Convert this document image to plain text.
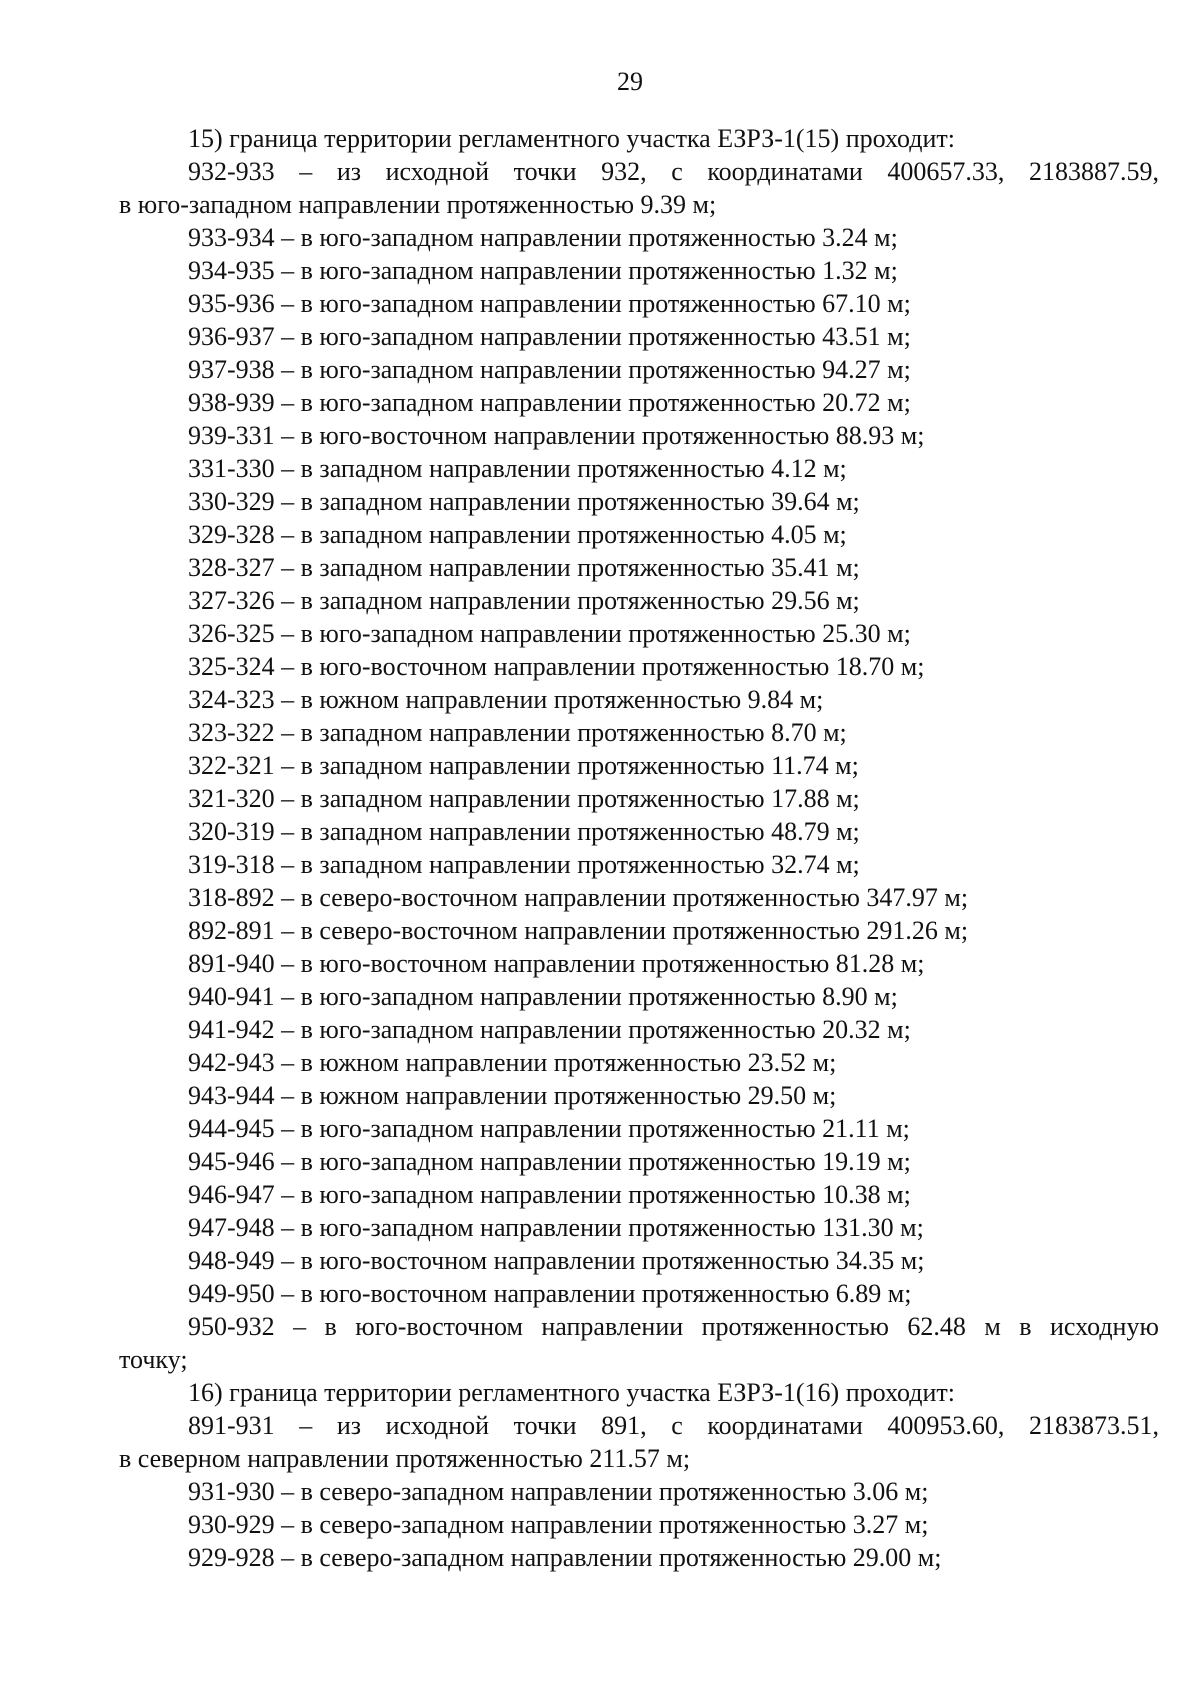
29
15) граница территории регламентного участка ЕЗРЗ-1(15) проходит:
932-933 – из исходной точки 932, с координатами 400657.33, 2183887.59,
в юго-западном направлении протяженностью 9.39 м;
933-934 – в юго-западном направлении протяженностью 3.24 м;
934-935 – в юго-западном направлении протяженностью 1.32 м;
935-936 – в юго-западном направлении протяженностью 67.10 м;
936-937 – в юго-западном направлении протяженностью 43.51 м;
937-938 – в юго-западном направлении протяженностью 94.27 м;
938-939 – в юго-западном направлении протяженностью 20.72 м;
939-331 – в юго-восточном направлении протяженностью 88.93 м;
331-330 – в западном направлении протяженностью 4.12 м;
330-329 – в западном направлении протяженностью 39.64 м;
329-328 – в западном направлении протяженностью 4.05 м;
328-327 – в западном направлении протяженностью 35.41 м;
327-326 – в западном направлении протяженностью 29.56 м;
326-325 – в юго-западном направлении протяженностью 25.30 м;
325-324 – в юго-восточном направлении протяженностью 18.70 м;
324-323 – в южном направлении протяженностью 9.84 м;
323-322 – в западном направлении протяженностью 8.70 м;
322-321 – в западном направлении протяженностью 11.74 м;
321-320 – в западном направлении протяженностью 17.88 м;
320-319 – в западном направлении протяженностью 48.79 м;
319-318 – в западном направлении протяженностью 32.74 м;
318-892 – в северо-восточном направлении протяженностью 347.97 м;
892-891 – в северо-восточном направлении протяженностью 291.26 м;
891-940 – в юго-восточном направлении протяженностью 81.28 м;
940-941 – в юго-западном направлении протяженностью 8.90 м;
941-942 – в юго-западном направлении протяженностью 20.32 м;
942-943 – в южном направлении протяженностью 23.52 м;
943-944 – в южном направлении протяженностью 29.50 м;
944-945 – в юго-западном направлении протяженностью 21.11 м;
945-946 – в юго-западном направлении протяженностью 19.19 м;
946-947 – в юго-западном направлении протяженностью 10.38 м;
947-948 – в юго-западном направлении протяженностью 131.30 м;
948-949 – в юго-восточном направлении протяженностью 34.35 м;
949-950 – в юго-восточном направлении протяженностью 6.89 м;
950-932 – в юго-восточном направлении протяженностью 62.48 м в исходную
точку;
16) граница территории регламентного участка ЕЗРЗ-1(16) проходит:
891-931 – из исходной точки 891, с координатами 400953.60, 2183873.51,
в северном направлении протяженностью 211.57 м;
931-930 – в северо-западном направлении протяженностью 3.06 м;
930-929 – в северо-западном направлении протяженностью 3.27 м;
929-928 – в северо-западном направлении протяженностью 29.00 м;
